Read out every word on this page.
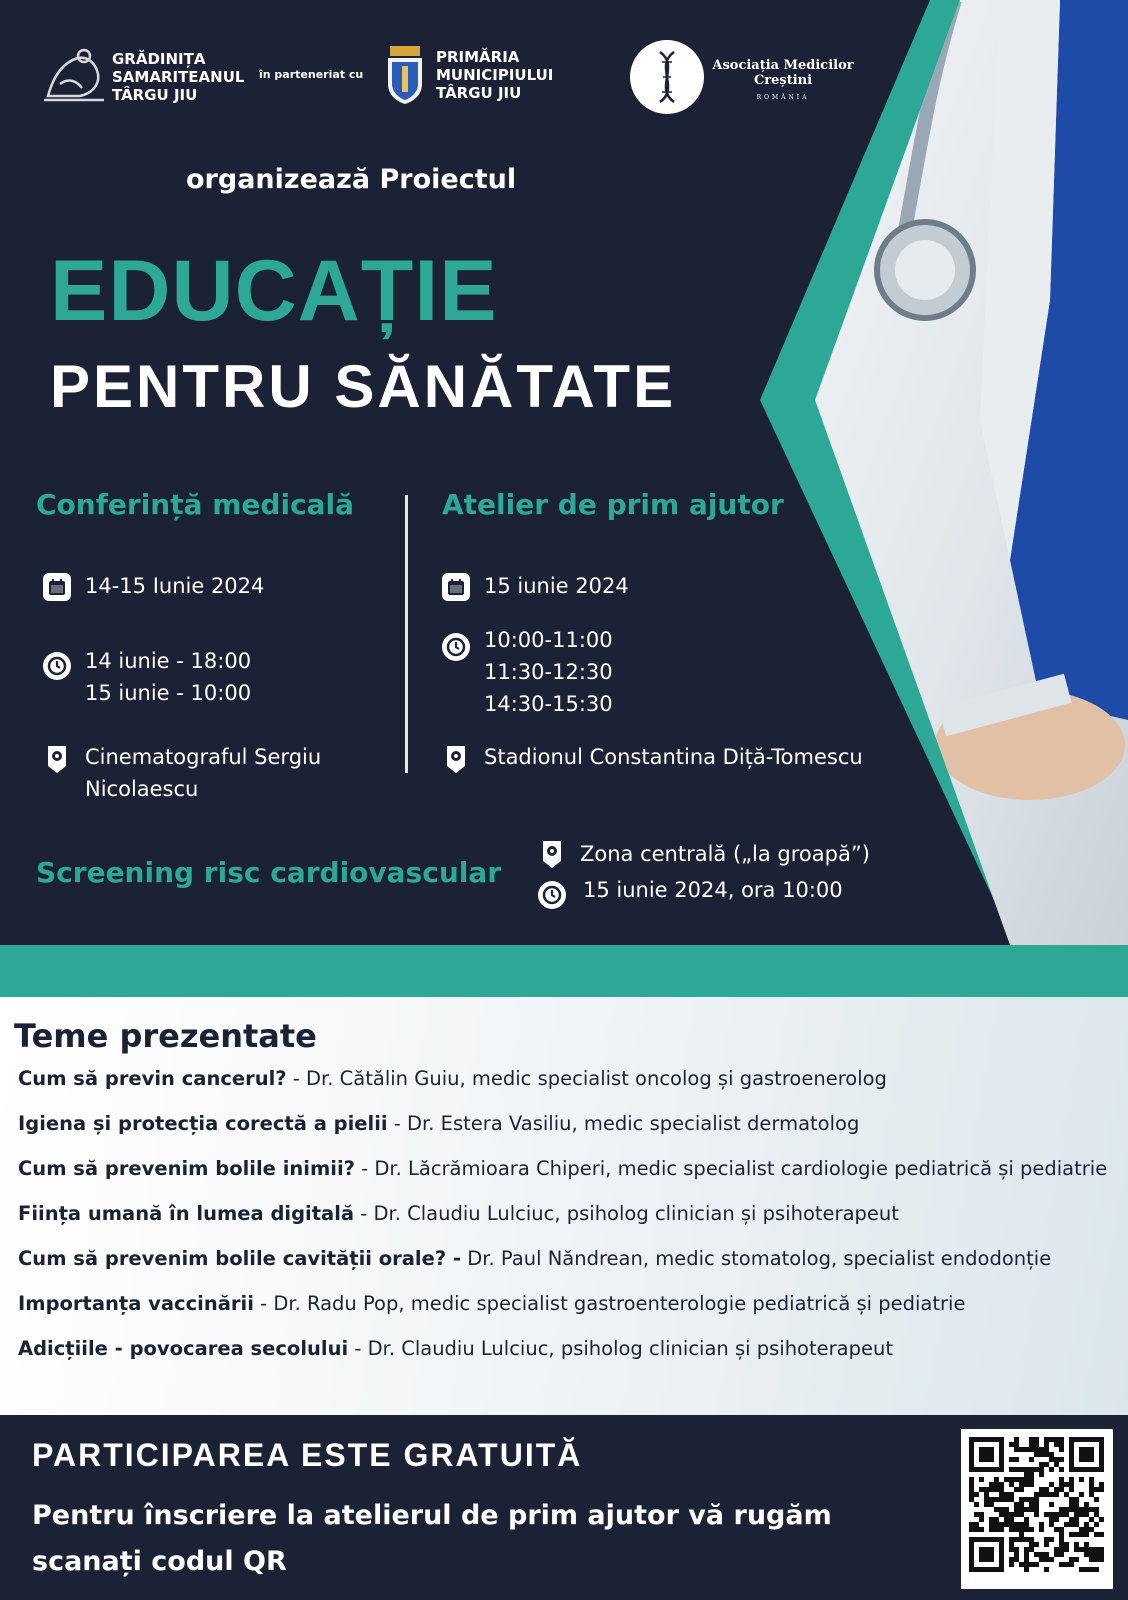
GRĂDINIȚA
SAMARITEANUL
TÂRGU JIU
în parteneriat cu
PRIMĂRIA
MUNICIPIULUI
TÂRGU JIU
Asociația Medicilor
Creștini
ROMÂNIA
organizează Proiectul
EDUCAȚIE
PENTRU SĂNĂTATE
Conferință medicală
14-15 Iunie 2024
14 iunie - 18:00
15 iunie - 10:00
Cinematograful Sergiu
Nicolaescu
Atelier de prim ajutor
15 iunie 2024
10:00-11:00
11:30-12:30
14:30-15:30
Stadionul Constantina Diță-Tomescu
Screening risc cardiovascular
Zona centrală („la groapă”)
15 iunie 2024, ora 10:00
Teme prezentate
Cum să previn cancerul? - Dr. Cătălin Guiu, medic specialist oncolog și gastroenerolog
Igiena și protecția corectă a pielii - Dr. Estera Vasiliu, medic specialist dermatolog
Cum să prevenim bolile inimii? - Dr. Lăcrămioara Chiperi, medic specialist cardiologie pediatrică și pediatrie
Ființa umană în lumea digitală - Dr. Claudiu Lulciuc, psiholog clinician și psihoterapeut
Cum să prevenim bolile cavității orale? - Dr. Paul Năndrean, medic stomatolog, specialist endodonție
Importanța vaccinării - Dr. Radu Pop, medic specialist gastroenterologie pediatrică și pediatrie
Adicțiile - povocarea secolului - Dr. Claudiu Lulciuc, psiholog clinician și psihoterapeut
PARTICIPAREA ESTE GRATUITĂ
Pentru înscriere la atelierul de prim ajutor vă rugăm
scanați codul QR
